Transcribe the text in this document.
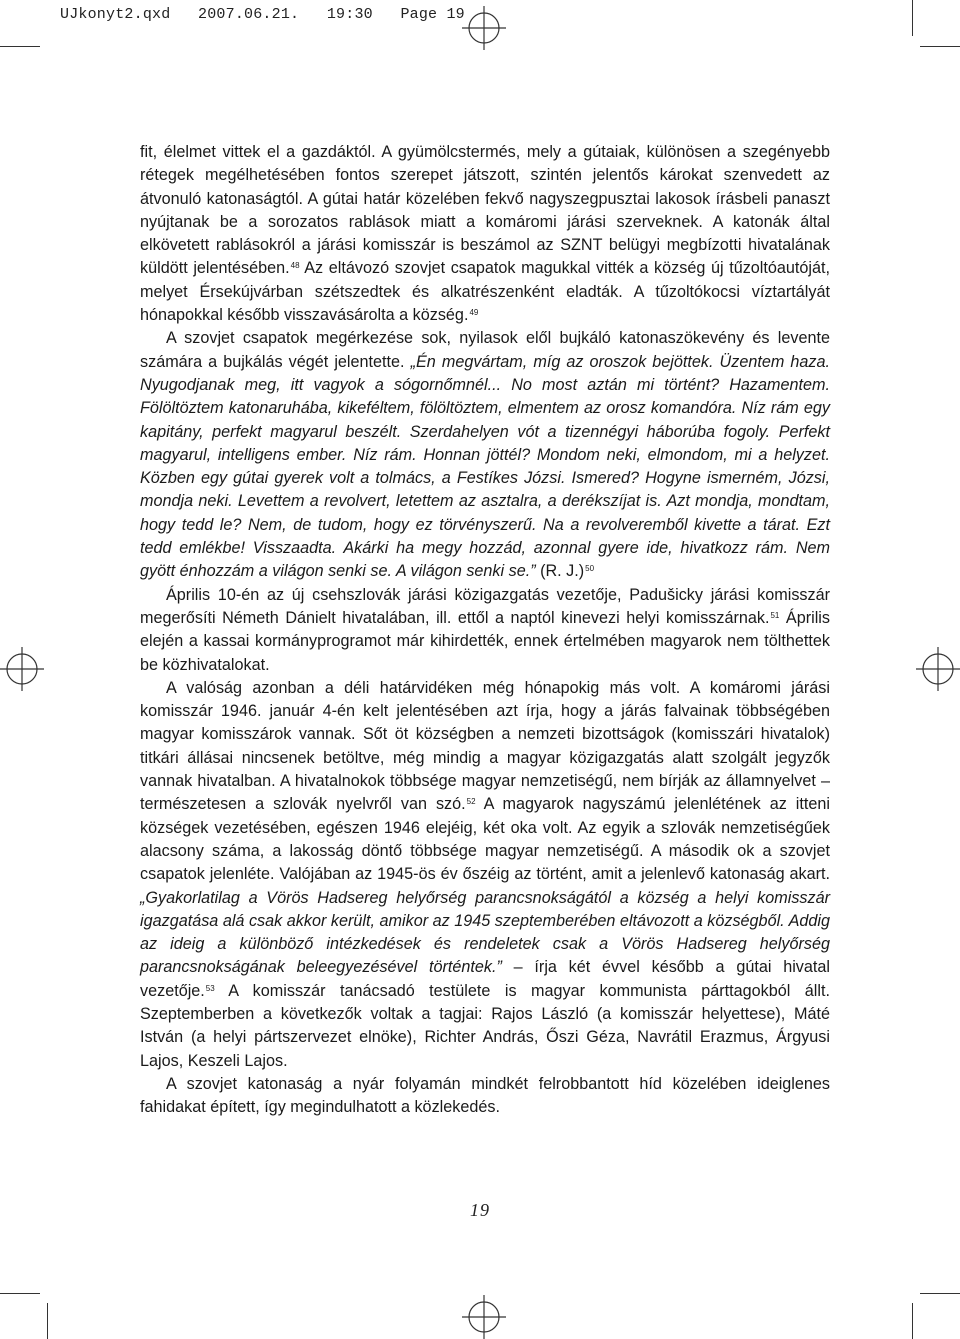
UJkonyt2.qxd   2007.06.21.   19:30   Page 19

fit, élelmet vittek el a gazdáktól. A gyümölcstermés, mely a gútaiak, különösen a szegényebb rétegek megélhetésében fontos szerepet játszott, szintén jelentős károkat szenvedett az átvonuló katonaságtól. A gútai határ közelében fekvő nagyszegpusztai lakosok írásbeli panaszt nyújtanak be a sorozatos rablások miatt a komáromi járási szerveknek. A katonák által elkövetett rablásokról a járási komisszár is beszámol az SZNT belügyi megbízotti hivatalának küldött jelentésében.$^{48}$ Az eltávozó szovjet csapatok magukkal vitték a község új tűzoltóautóját, melyet Érsekújvárban szétszedtek és alkatrészenként eladták. A tűzoltókocsi víztartályát hónapokkal később visszavásárolta a község.$^{49}$

A szovjet csapatok megérkezése sok, nyilasok elől bujkáló katonaszökevény és levente számára a bujkálás végét jelentette. „Én megvártam, míg az oroszok bejöttek. Üzentem haza. Nyugodjanak meg, itt vagyok a sógornőmnél... No most aztán mi történt? Hazamentem. Fölöltöztem katonaruhába, kikeféltem, fölöltöztem, elmentem az orosz komandóra. Níz rám egy kapitány, perfekt magyarul beszélt. Szerdahelyen vót a tizennégyi háborúba fogoly. Perfekt magyarul, intelligens ember. Níz rám. Honnan jöttél? Mondom neki, elmondom, mi a helyzet. Közben egy gútai gyerek volt a tolmács, a Festíkes Józsi. Ismered? Hogyne ismerném, Józsi, mondja neki. Levettem a revolvert, letettem az asztalra, a derékszíjat is. Azt mondja, mondtam, hogy tedd le? Nem, de tudom, hogy ez törvényszerű. Na a revolveremből kivette a tárat. Ezt tedd emlékbe! Visszaadta. Akárki ha megy hozzád, azonnal gyere ide, hivatkozz rám. Nem gyött énhozzám a világon senki se. A világon senki se.” (R. J.)$^{50}$

Április 10-én az új csehszlovák járási közigazgatás vezetője, Padušicky járási komisszár megerősíti Németh Dánielt hivatalában, ill. ettől a naptól kinevezi helyi komisszárnak.$^{51}$ Április elején a kassai kormányprogramot már kihirdették, ennek értelmében magyarok nem tölthettek be közhivatalokat.

A valóság azonban a déli határvidéken még hónapokig más volt. A komáromi járási komisszár 1946. január 4-én kelt jelentésében azt írja, hogy a járás falvainak többségében magyar komisszárok vannak. Sőt öt községben a nemzeti bizottságok (komisszári hivatalok) titkári állásai nincsenek betöltve, még mindig a magyar közigazgatás alatt szolgált jegyzők vannak hivatalban. A hivatalnokok többsége magyar nemzetiségű, nem bírják az államnyelvet – természetesen a szlovák nyelvről van szó.$^{52}$ A magyarok nagyszámú jelenlétének az itteni községek vezetésében, egészen 1946 elejéig, két oka volt. Az egyik a szlovák nemzetiségűek alacsony száma, a lakosság döntő többsége magyar nemzetiségű. A második ok a szovjet csapatok jelenléte. Valójában az 1945-ös év őszéig az történt, amit a jelenlevő katonaság akart. „Gyakorlatilag a Vörös Hadsereg helyőrség parancsnokságától a község a helyi komisszár igazgatása alá csak akkor került, amikor az 1945 szeptemberében eltávozott a községből. Addig az ideig a különböző intézkedések és rendeletek csak a Vörös Hadsereg helyőrség parancsnokságának beleegyezésével történtek.” – írja két évvel később a gútai hivatal vezetője.$^{53}$ A komisszár tanácsadó testülete is magyar kommunista párttagokból állt. Szeptemberben a következők voltak a tagjai: Rajos László (a komisszár helyettese), Máté István (a helyi pártszervezet elnöke), Richter András, Őszi Géza, Navrátil Erazmus, Árgyusi Lajos, Keszeli Lajos.

A szovjet katonaság a nyár folyamán mindkét felrobbantott híd közelében ideiglenes fahidakat épített, így megindulhatott a közlekedés.

19
